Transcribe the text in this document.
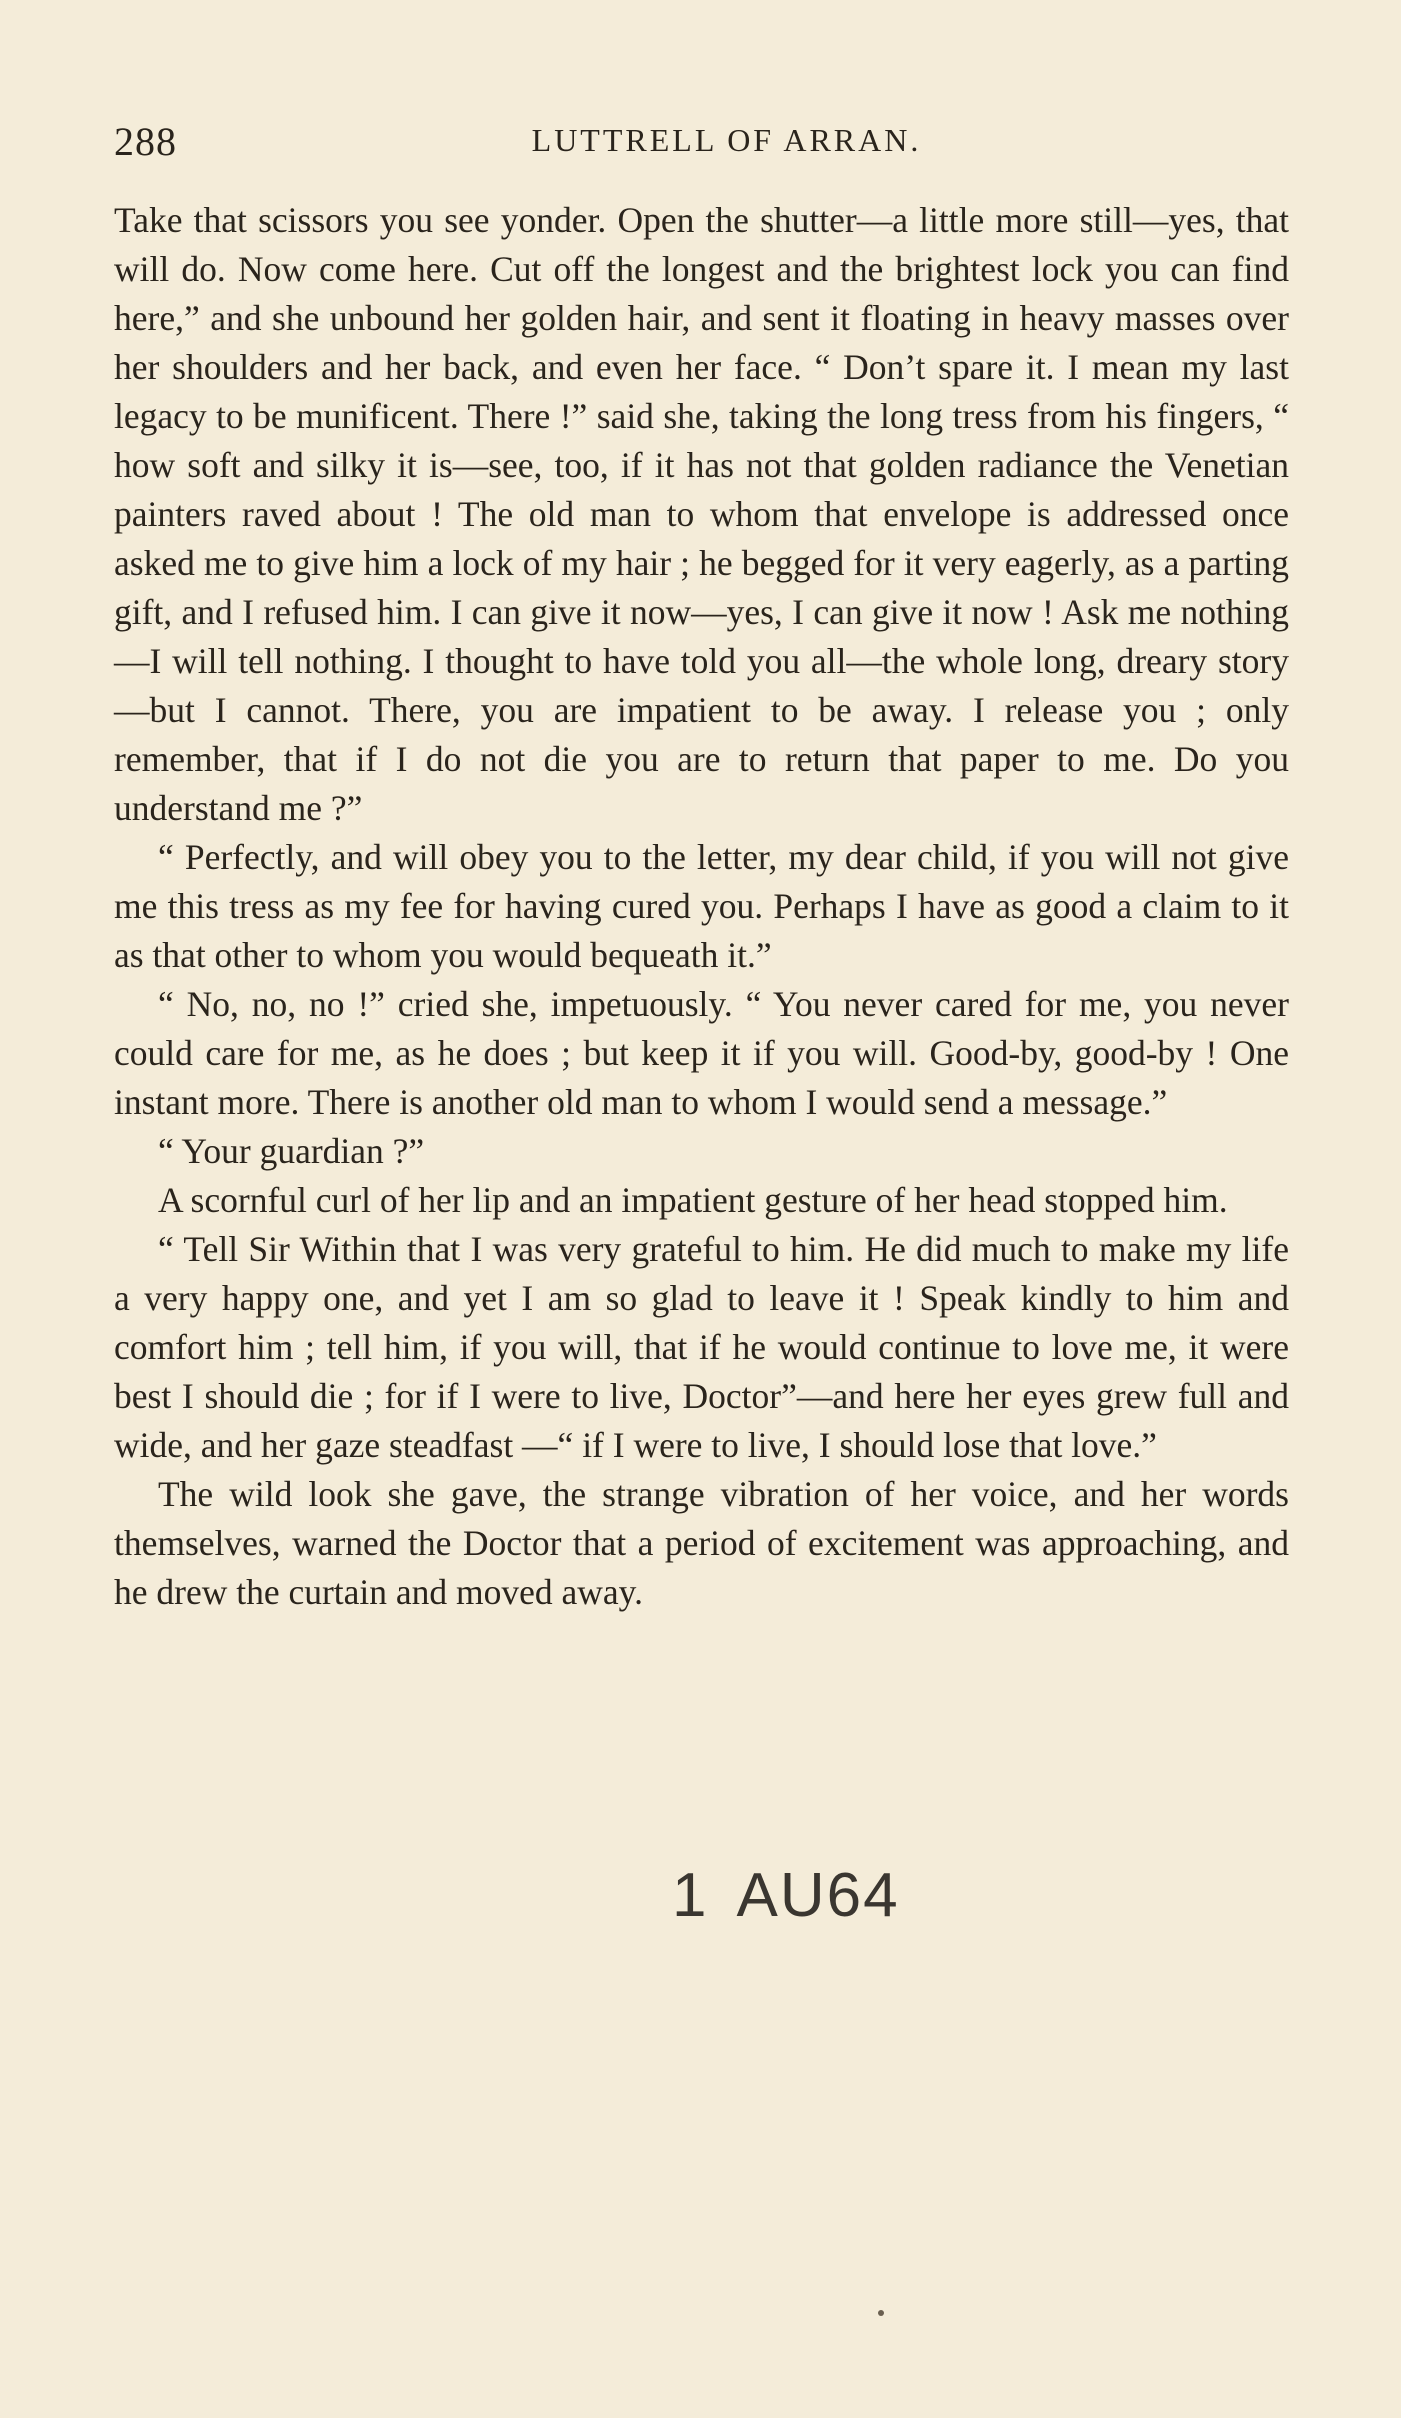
288	LUTTRELL OF ARRAN.

Take that scissors you see yonder. Open the shutter—a little more still—yes, that will do. Now come here. Cut off the longest and the brightest lock you can find here,” and she unbound her golden hair, and sent it floating in heavy masses over her shoulders and her back, and even her face. “ Don’t spare it. I mean my last legacy to be munificent. There !” said she, taking the long tress from his fingers, “ how soft and silky it is—see, too, if it has not that golden radiance the Venetian painters raved about ! The old man to whom that envelope is addressed once asked me to give him a lock of my hair ; he begged for it very eagerly, as a parting gift, and I refused him. I can give it now—yes, I can give it now ! Ask me nothing—I will tell nothing. I thought to have told you all—the whole long, dreary story—but I cannot. There, you are impatient to be away. I release you ; only remember, that if I do not die you are to return that paper to me. Do you understand me ?”

“ Perfectly, and will obey you to the letter, my dear child, if you will not give me this tress as my fee for having cured you. Perhaps I have as good a claim to it as that other to whom you would bequeath it.”

“ No, no, no !” cried she, impetuously. “ You never cared for me, you never could care for me, as he does ; but keep it if you will. Good-by, good-by ! One instant more. There is another old man to whom I would send a message.”

“ Your guardian ?”

A scornful curl of her lip and an impatient gesture of her head stopped him.

“ Tell Sir Within that I was very grateful to him. He did much to make my life a very happy one, and yet I am so glad to leave it ! Speak kindly to him and comfort him ; tell him, if you will, that if he would continue to love me, it were best I should die ; for if I were to live, Doctor”—and here her eyes grew full and wide, and her gaze steadfast —“ if I were to live, I should lose that love.”

The wild look she gave, the strange vibration of her voice, and her words themselves, warned the Doctor that a period of excitement was approaching, and he drew the curtain and moved away.

1 AU64
